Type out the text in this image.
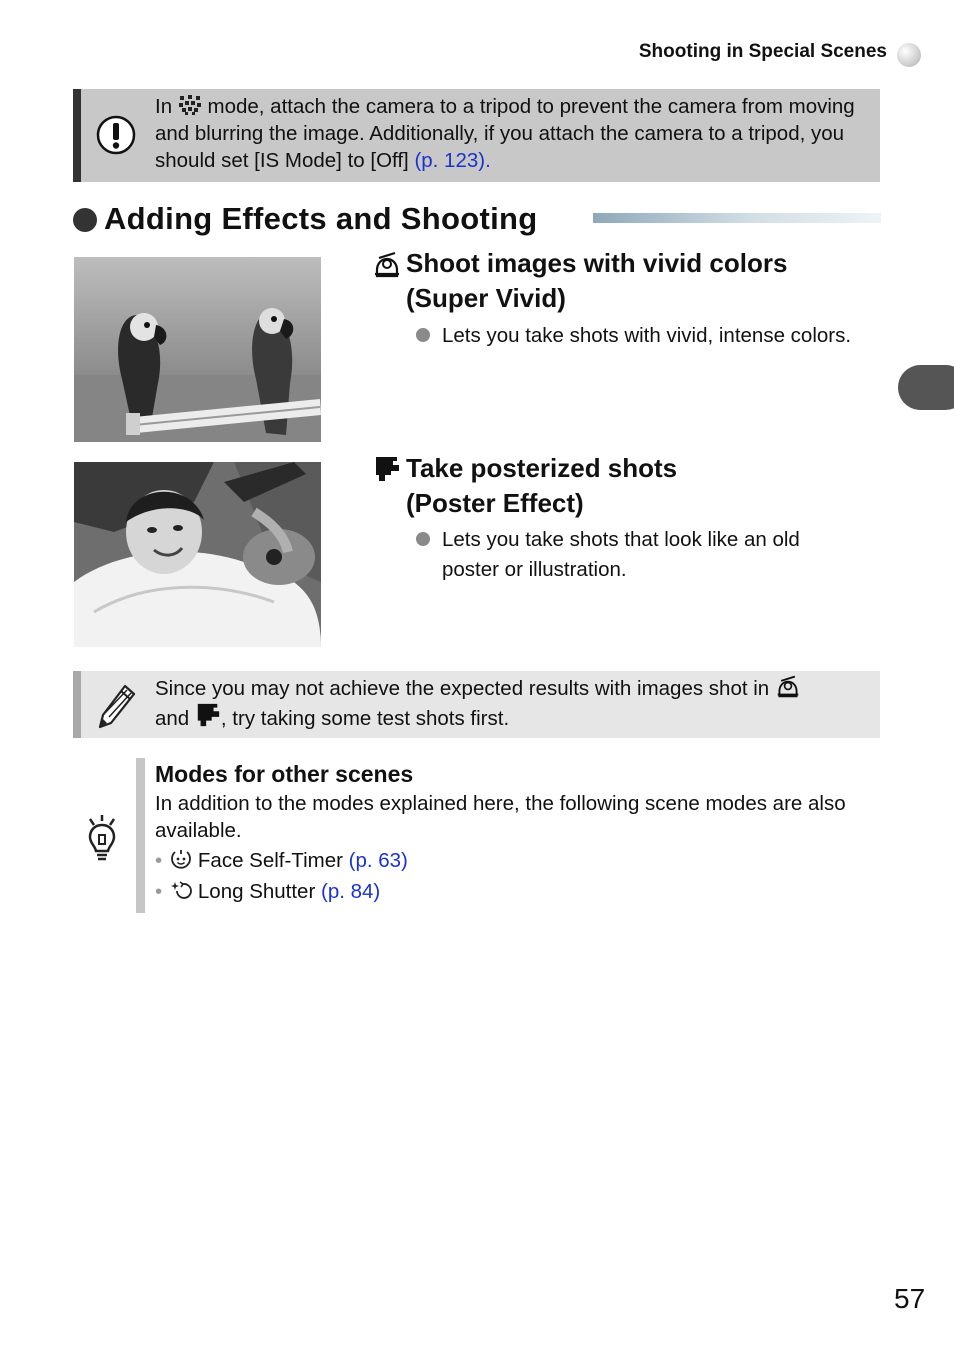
Shooting in Special Scenes
In  mode, attach the camera to a tripod to prevent the camera from moving and blurring the image. Additionally, if you attach the camera to a tripod, you should set [IS Mode] to [Off] (p. 123).
Adding Effects and Shooting
Shoot images with vivid colors
(Super Vivid)
Lets you take shots with vivid, intense colors.
Take posterized shots
(Poster Effect)
Lets you take shots that look like an old poster or illustration.
Since you may not achieve the expected results with images shot in
and , try taking some test shots first.
Modes for other scenes
In addition to the modes explained here, the following scene modes are also available.
• Face Self-Timer (p. 63)
• Long Shutter (p. 84)
57
